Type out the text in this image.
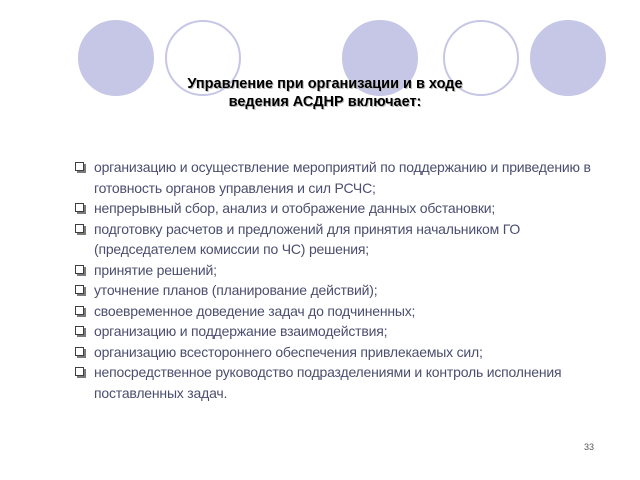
Управление при организации и в ходе
ведения АСДНР включает:
организацию и осуществление мероприятий по поддержанию и приведению в готовность органов управления и сил РСЧС;
непрерывный сбор, анализ и отображение данных обстановки;
подготовку расчетов и предложений для принятия начальником ГО (председателем комиссии по ЧС) решения;
принятие решений;
уточнение планов (планирование действий);
своевременное доведение задач до подчиненных;
организацию и поддержание взаимодействия;
организацию всестороннего обеспечения привлекаемых сил;
непосредственное руководство подразделениями и контроль исполнения поставленных задач.
33
